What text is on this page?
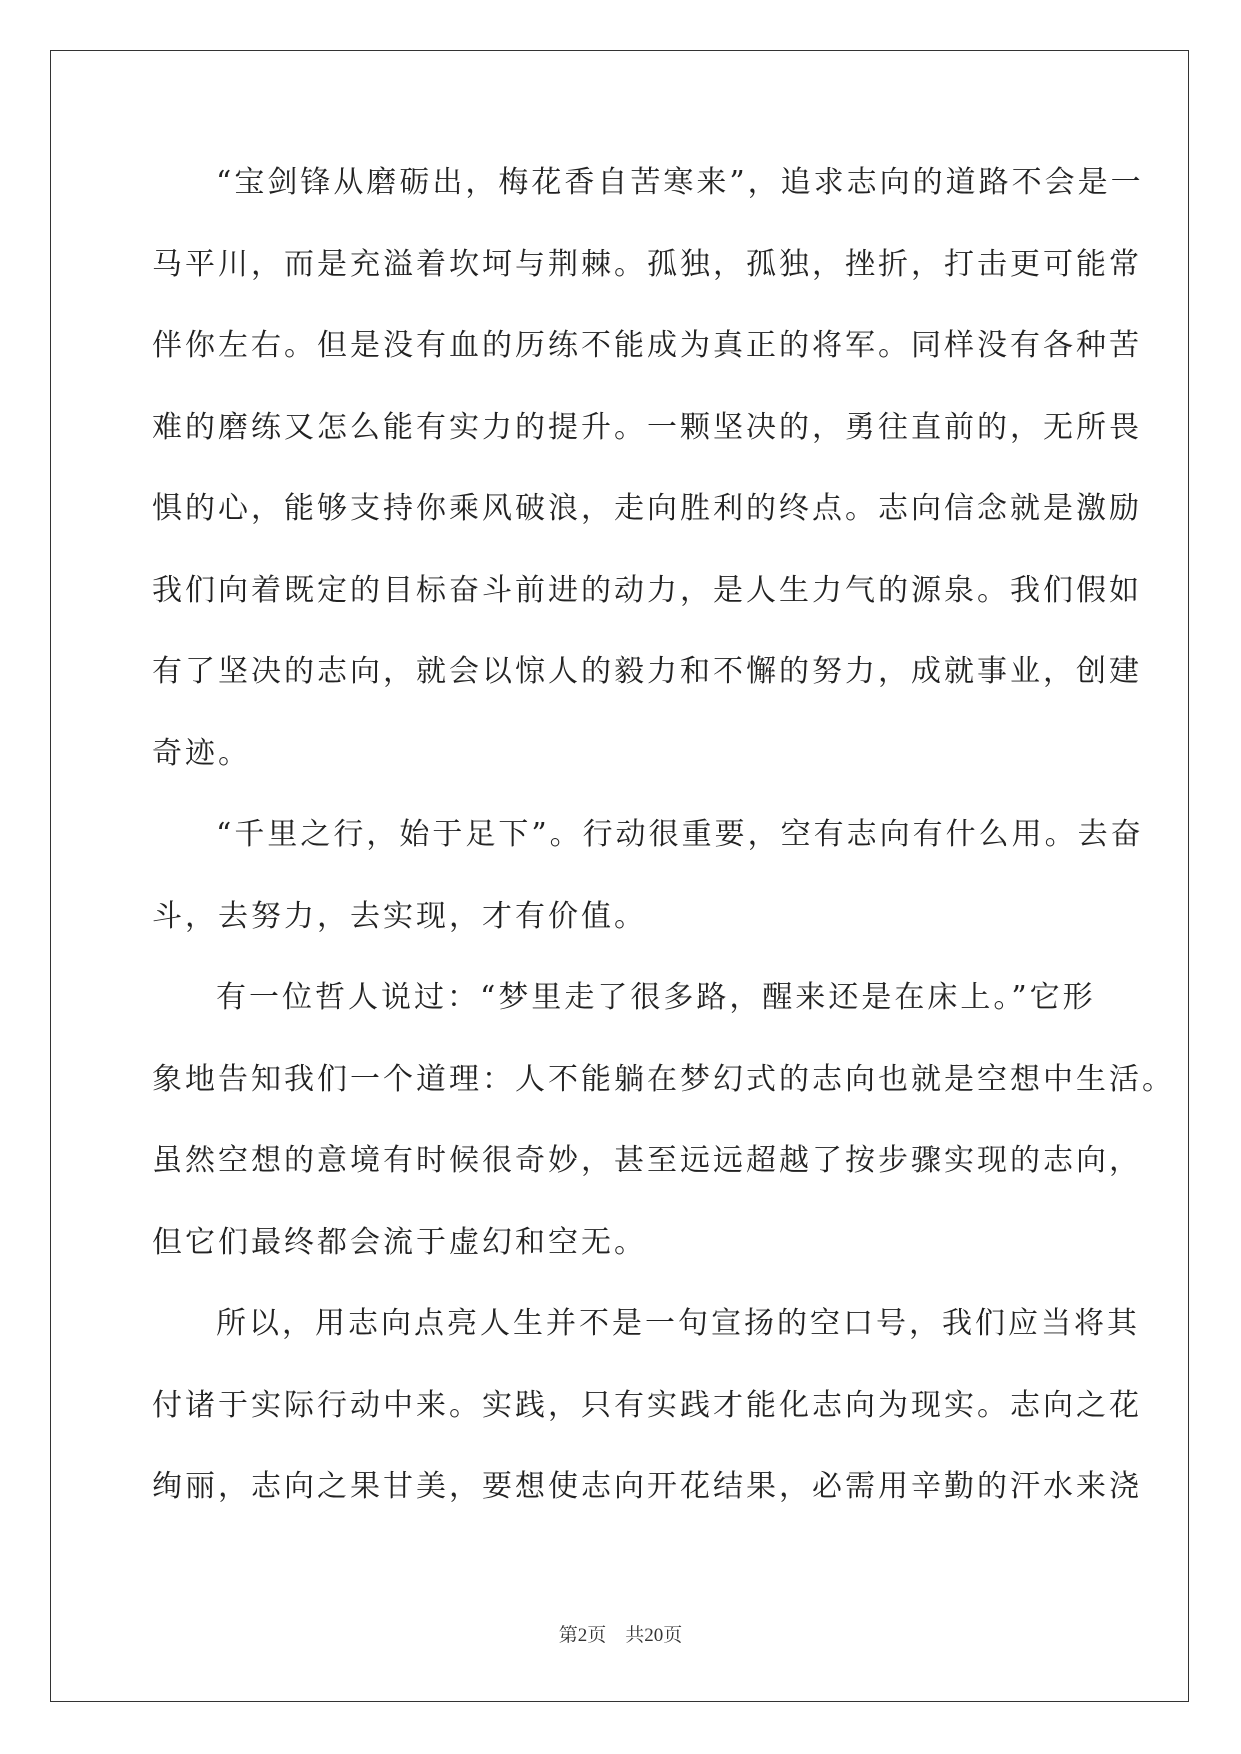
“宝剑锋从磨砺出，梅花香自苦寒来”，追求志向的道路不会是一
马平川，而是充溢着坎坷与荆棘。孤独，孤独，挫折，打击更可能常
伴你左右。但是没有血的历练不能成为真正的将军。同样没有各种苦
难的磨练又怎么能有实力的提升。一颗坚决的，勇往直前的，无所畏
惧的心，能够支持你乘风破浪，走向胜利的终点。志向信念就是激励
我们向着既定的目标奋斗前进的动力，是人生力气的源泉。我们假如
有了坚决的志向，就会以惊人的毅力和不懈的努力，成就事业，创建
奇迹。
“千里之行，始于足下”。行动很重要，空有志向有什么用。去奋
斗，去努力，去实现，才有价值。
有一位哲人说过：“梦里走了很多路，醒来还是在床上。”它形
象地告知我们一个道理：人不能躺在梦幻式的志向也就是空想中生活。
虽然空想的意境有时候很奇妙，甚至远远超越了按步骤实现的志向，
但它们最终都会流于虚幻和空无。
所以，用志向点亮人生并不是一句宣扬的空口号，我们应当将其
付诸于实际行动中来。实践，只有实践才能化志向为现实。志向之花
绚丽，志向之果甘美，要想使志向开花结果，必需用辛勤的汗水来浇
第2页 共20页
